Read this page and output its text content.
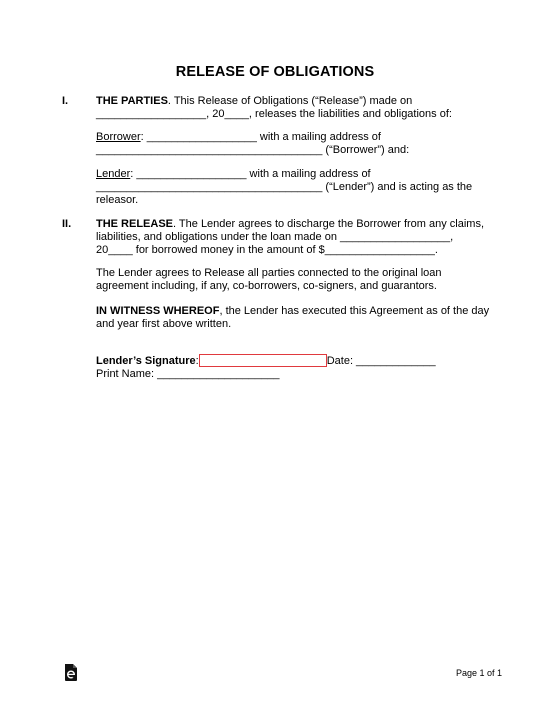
RELEASE OF OBLIGATIONS
I.	THE PARTIES. This Release of Obligations (“Release”) made on
__________________, 20____, releases the liabilities and obligations of:
Borrower: __________________ with a mailing address of
_____________________________________ (“Borrower”) and:
Lender: __________________ with a mailing address of
_____________________________________ (“Lender”) and is acting as the
releasor.
II. THE RELEASE. The Lender agrees to discharge the Borrower from any claims,
liabilities, and obligations under the loan made on __________________,
20____ for borrowed money in the amount of $__________________.
The Lender agrees to Release all parties connected to the original loan
agreement including, if any, co-borrowers, co-signers, and guarantors.
IN WITNESS WHEREOF, the Lender has executed this Agreement as of the day
and year first above written.
Lender’s Signature:	Date: _____________
Print Name: ____________________
Page 1 of 1
